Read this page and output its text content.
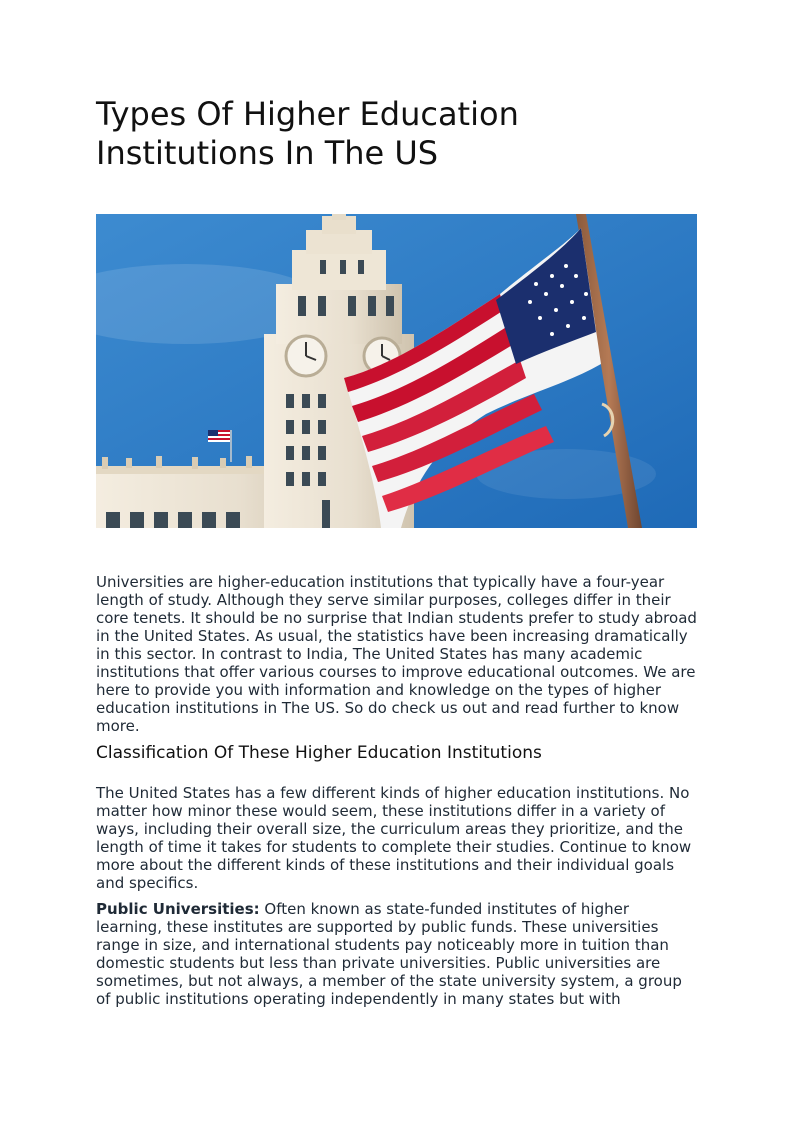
Types Of Higher Education Institutions In The US

Universities are higher-education institutions that typically have a four-year length of study. Although they serve similar purposes, colleges differ in their core tenets. It should be no surprise that Indian students prefer to study abroad in the United States. As usual, the statistics have been increasing dramatically in this sector. In contrast to India, The United States has many academic institutions that offer various courses to improve educational outcomes. We are here to provide you with information and knowledge on the types of higher education institutions in The US. So do check us out and read further to know more.

Classification Of These Higher Education Institutions

The United States has a few different kinds of higher education institutions. No matter how minor these would seem, these institutions differ in a variety of ways, including their overall size, the curriculum areas they prioritize, and the length of time it takes for students to complete their studies. Continue to know more about the different kinds of these institutions and their individual goals and specifics.

Public Universities: Often known as state-funded institutes of higher learning, these institutes are supported by public funds. These universities range in size, and international students pay noticeably more in tuition than domestic students but less than private universities. Public universities are sometimes, but not always, a member of the state university system, a group of public institutions operating independently in many states but with
